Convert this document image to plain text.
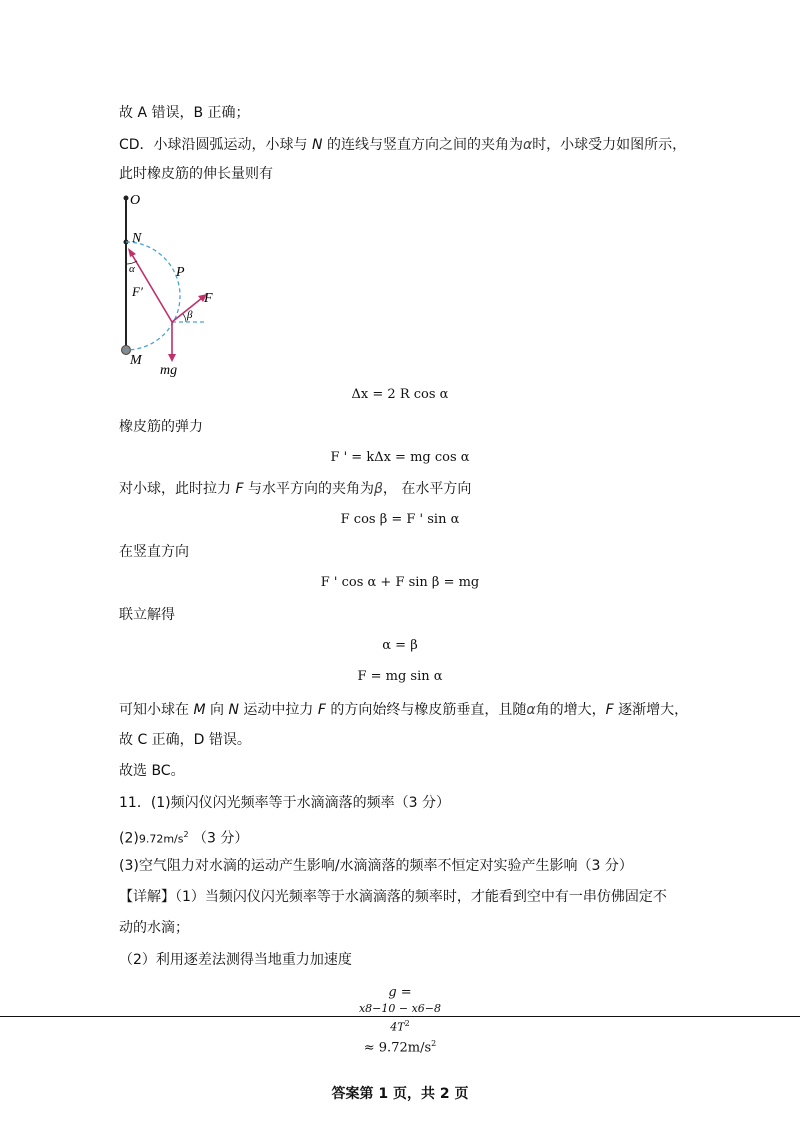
故 A 错误，B 正确；
CD．小球沿圆弧运动，小球与 N 的连线与竖直方向之间的夹角为α时，小球受力如图所示，
此时橡皮筋的伸长量则有
O
N
α	P
F
F′
β
M
mg
Δx = 2 R cos α
橡皮筋的弹力
F ' = kΔx = mg cos α
对小球，此时拉力 F 与水平方向的夹角为β， 在水平方向
F cos β = F ' sin α
在竖直方向
F ' cos α + F sin β = mg
联立解得
α = β
F = mg sin α
可知小球在 M 向 N 运动中拉力 F 的方向始终与橡皮筋垂直，且随α角的增大，F 逐渐增大，
故 C 正确，D 错误。
故选 BC。
11．(1)频闪仪闪光频率等于水滴滴落的频率（3 分）
$(2)9.72m/s^2$ （3 分）
(3)空气阻力对水滴的运动产生影响/水滴滴落的频率不恒定对实验产生影响（3 分）
【详解】（1）当频闪仪闪光频率等于水滴滴落的频率时，才能看到空中有一串仿佛固定不
动的水滴；
（2）利用逐差法测得当地重力加速度
g =
x8−10 − x6−8
$4T^2$
≈ $9.72m/s^2$
答案第 1 页，共 2 页
